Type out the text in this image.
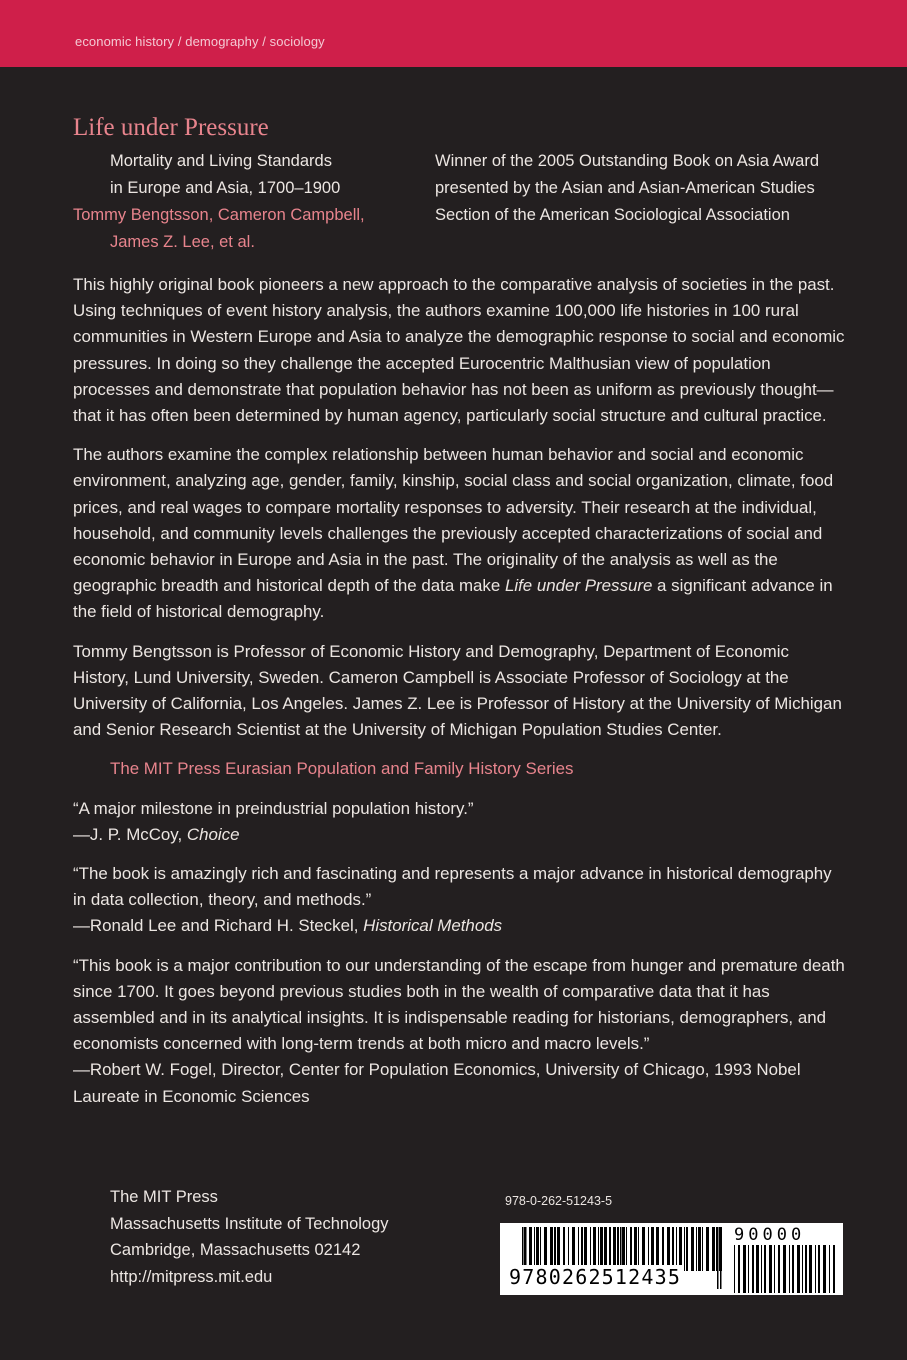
economic history / demography / sociology
Life under Pressure
Mortality and Living Standards
in Europe and Asia, 1700–1900
Tommy Bengtsson, Cameron Campbell,
James Z. Lee, et al.
Winner of the 2005 Outstanding Book on Asia Award
presented by the Asian and Asian-American Studies
Section of the American Sociological Association

This highly original book pioneers a new approach to the comparative analysis of societies in the past. Using techniques of event history analysis, the authors examine 100,000 life histories in 100 rural communities in Western Europe and Asia to analyze the demographic response to social and economic pressures. In doing so they challenge the accepted Eurocentric Malthusian view of population processes and demonstrate that population behavior has not been as uniform as previously thought—that it has often been determined by human agency, particularly social structure and cultural practice.

The authors examine the complex relationship between human behavior and social and economic environment, analyzing age, gender, family, kinship, social class and social organization, climate, food prices, and real wages to compare mortality responses to adversity. Their research at the individual, household, and community levels challenges the previously accepted characterizations of social and economic behavior in Europe and Asia in the past. The originality of the analysis as well as the geographic breadth and historical depth of the data make Life under Pressure a significant advance in the field of historical demography.

Tommy Bengtsson is Professor of Economic History and Demography, Department of Economic History, Lund University, Sweden. Cameron Campbell is Associate Professor of Sociology at the University of California, Los Angeles. James Z. Lee is Professor of History at the University of Michigan and Senior Research Scientist at the University of Michigan Population Studies Center.

The MIT Press Eurasian Population and Family History Series

“A major milestone in preindustrial population history.”
—J. P. McCoy, Choice

“The book is amazingly rich and fascinating and represents a major advance in historical demography in data collection, theory, and methods.”
—Ronald Lee and Richard H. Steckel, Historical Methods

“This book is a major contribution to our understanding of the escape from hunger and premature death since 1700. It goes beyond previous studies both in the wealth of comparative data that it has assembled and in its analytical insights. It is indispensable reading for historians, demographers, and economists concerned with long-term trends at both micro and macro levels.”
—Robert W. Fogel, Director, Center for Population Economics, University of Chicago, 1993 Nobel Laureate in Economic Sciences

The MIT Press
Massachusetts Institute of Technology
Cambridge, Massachusetts 02142
http://mitpress.mit.edu
978-0-262-51243-5
9780262512435
90000
